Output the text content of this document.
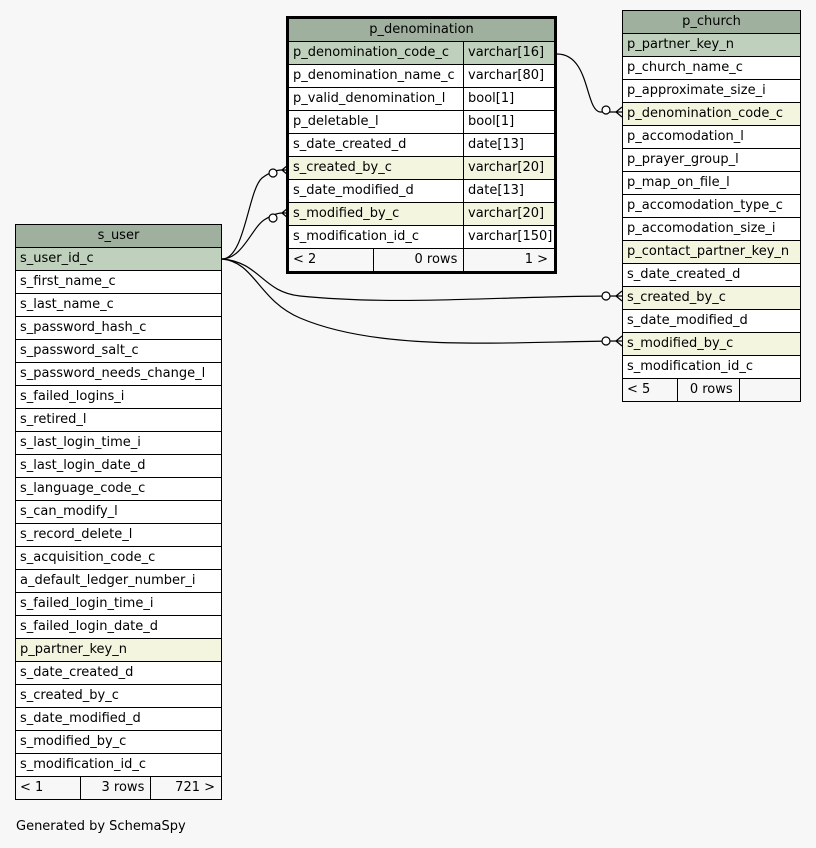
p_denomination
p_denomination_code_c	varchar[16]
p_denomination_name_c	varchar[80]
p_valid_denomination_l	bool[1]
p_deletable_l	bool[1]
s_date_created_d	date[13]
s_created_by_c	varchar[20]
s_date_modified_d	date[13]
s_modified_by_c	varchar[20]
s_modification_id_c	varchar[150]
< 2	0 rows	1 >
p_church
p_partner_key_n
p_church_name_c
p_approximate_size_i
p_denomination_code_c
p_accomodation_l
p_prayer_group_l
p_map_on_file_l
p_accomodation_type_c
p_accomodation_size_i
p_contact_partner_key_n
s_date_created_d
s_created_by_c
s_date_modified_d
s_modified_by_c
s_modification_id_c
< 5	0 rows
s_user
s_user_id_c
s_first_name_c
s_last_name_c
s_password_hash_c
s_password_salt_c
s_password_needs_change_l
s_failed_logins_i
s_retired_l
s_last_login_time_i
s_last_login_date_d
s_language_code_c
s_can_modify_l
s_record_delete_l
s_acquisition_code_c
a_default_ledger_number_i
s_failed_login_time_i
s_failed_login_date_d
p_partner_key_n
s_date_created_d
s_created_by_c
s_date_modified_d
s_modified_by_c
s_modification_id_c
< 1	3 rows	721 >
Generated by SchemaSpy
